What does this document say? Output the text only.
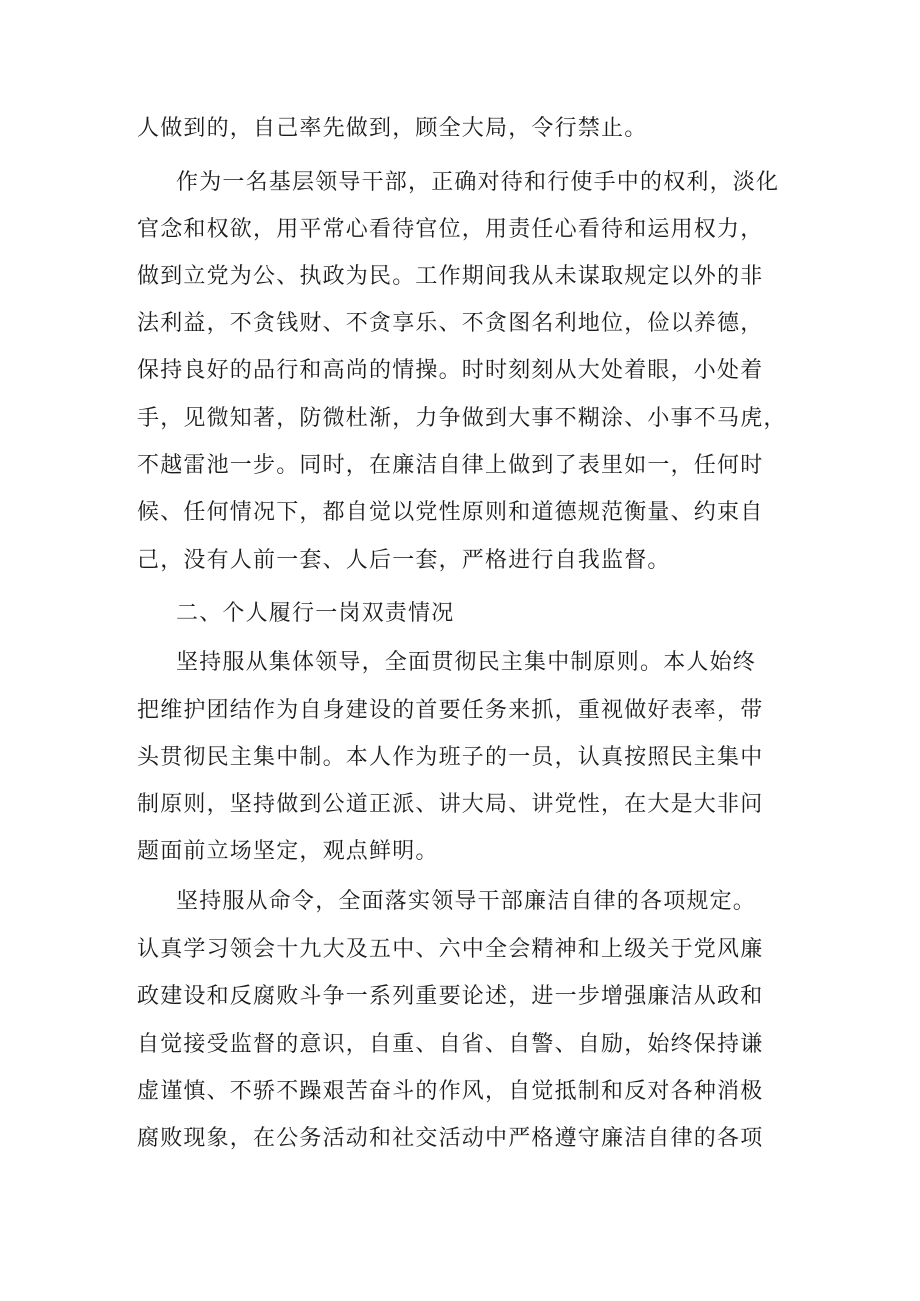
人做到的，自己率先做到，顾全大局，令行禁止。
作为一名基层领导干部，正确对待和行使手中的权利，淡化
官念和权欲，用平常心看待官位，用责任心看待和运用权力，
做到立党为公、执政为民。工作期间我从未谋取规定以外的非
法利益，不贪钱财、不贪享乐、不贪图名利地位，俭以养德，
保持良好的品行和高尚的情操。时时刻刻从大处着眼，小处着
手，见微知著，防微杜渐，力争做到大事不糊涂、小事不马虎，
不越雷池一步。同时，在廉洁自律上做到了表里如一，任何时
候、任何情况下，都自觉以党性原则和道德规范衡量、约束自
己，没有人前一套、人后一套，严格进行自我监督。
二、个人履行一岗双责情况
坚持服从集体领导，全面贯彻民主集中制原则。本人始终
把维护团结作为自身建设的首要任务来抓，重视做好表率，带
头贯彻民主集中制。本人作为班子的一员，认真按照民主集中
制原则，坚持做到公道正派、讲大局、讲党性，在大是大非问
题面前立场坚定，观点鲜明。
坚持服从命令，全面落实领导干部廉洁自律的各项规定。
认真学习领会十九大及五中、六中全会精神和上级关于党风廉
政建设和反腐败斗争一系列重要论述，进一步增强廉洁从政和
自觉接受监督的意识，自重、自省、自警、自励，始终保持谦
虚谨慎、不骄不躁艰苦奋斗的作风，自觉抵制和反对各种消极
腐败现象，在公务活动和社交活动中严格遵守廉洁自律的各项
